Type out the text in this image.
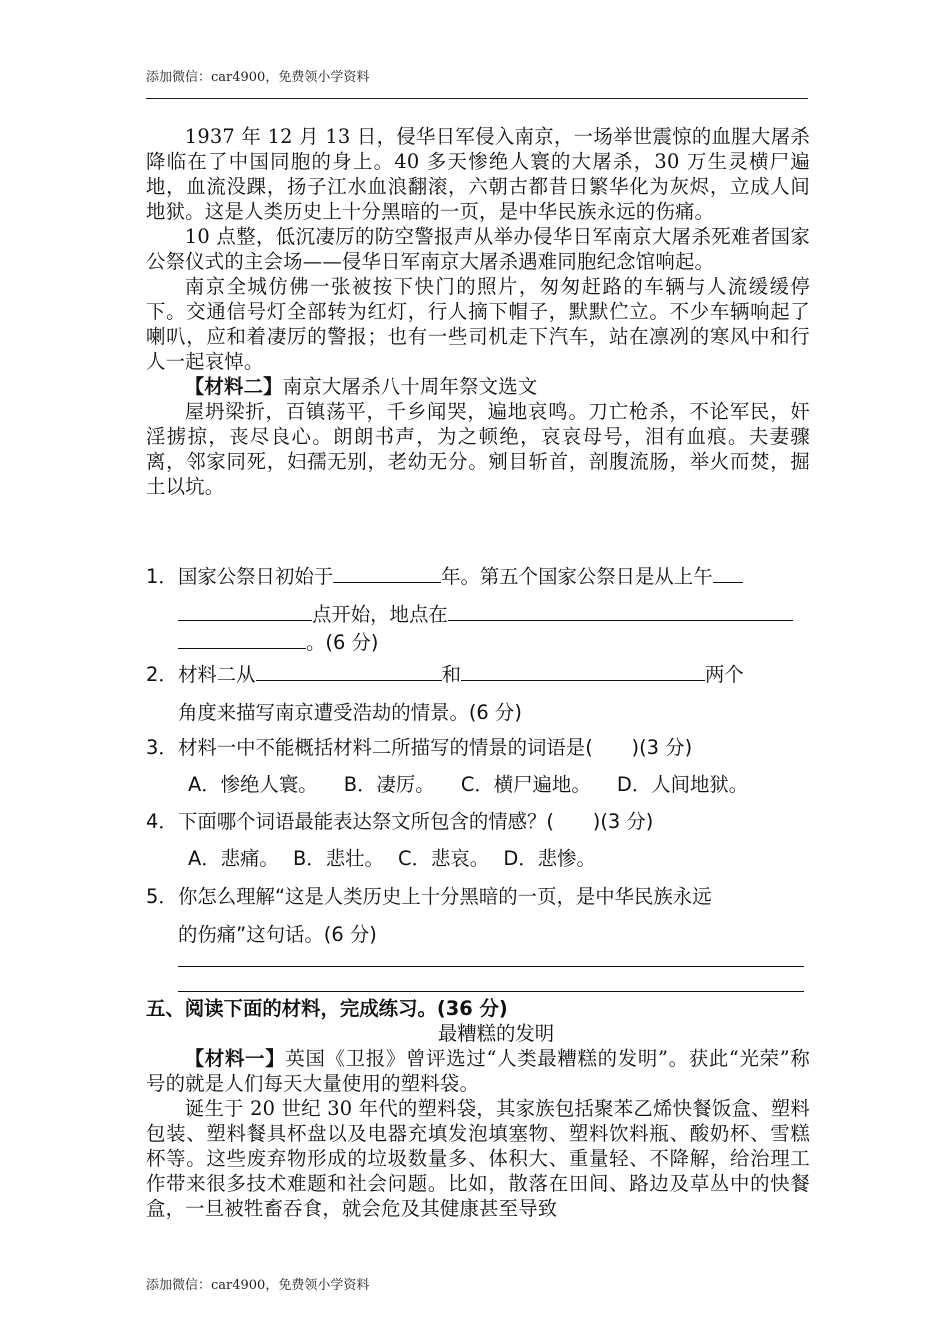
添加微信：car4900，免费领小学资料

1937 年 12 月 13 日，侵华日军侵入南京，一场举世震惊的血腥大屠杀降临在了中国同胞的身上。40 多天惨绝人寰的大屠杀，30 万生灵横尸遍地，血流没踝，扬子江水血浪翻滚，六朝古都昔日繁华化为灰烬，立成人间地狱。这是人类历史上十分黑暗的一页，是中华民族永远的伤痛。

10 点整，低沉凄厉的防空警报声从举办侵华日军南京大屠杀死难者国家公祭仪式的主会场——侵华日军南京大屠杀遇难同胞纪念馆响起。

南京全城仿佛一张被按下快门的照片，匆匆赶路的车辆与人流缓缓停下。交通信号灯全部转为红灯，行人摘下帽子，默默伫立。不少车辆响起了喇叭，应和着凄厉的警报；也有一些司机走下汽车，站在凛冽的寒风中和行人一起哀悼。

【材料二】南京大屠杀八十周年祭文选文

屋坍梁折，百镇荡平，千乡闻哭，遍地哀鸣。刀亡枪杀，不论军民，奸淫掳掠，丧尽良心。朗朗书声，为之顿绝，哀哀母号，泪有血痕。夫妻骤离，邻家同死，妇孺无别，老幼无分。剜目斩首，剖腹流肠，举火而焚，掘土以坑。

1．国家公祭日初始于	年。第五个国家公祭日是从上午
点开始，地点在
。(6 分)
2．材料二从	和	两个
角度来描写南京遭受浩劫的情景。(6 分)
3．材料一中不能概括材料二所描写的情景的词语是(　　)(3 分)
A．惨绝人寰。 B．凄厉。 C．横尸遍地。 D．人间地狱。
4．下面哪个词语最能表达祭文所包含的情感？(　　)(3 分)
A．悲痛。 B．悲壮。 C．悲哀。 D．悲惨。
5．你怎么理解“这是人类历史上十分黑暗的一页，是中华民族永远
的伤痛”这句话。(6 分)
五、阅读下面的材料，完成练习。(36 分)
最糟糕的发明

【材料一】英国《卫报》曾评选过“人类最糟糕的发明”。获此“光荣”称号的就是人们每天大量使用的塑料袋。

诞生于 20 世纪 30 年代的塑料袋，其家族包括聚苯乙烯快餐饭盒、塑料包装、塑料餐具杯盘以及电器充填发泡填塞物、塑料饮料瓶、酸奶杯、雪糕杯等。这些废弃物形成的垃圾数量多、体积大、重量轻、不降解，给治理工作带来很多技术难题和社会问题。比如，散落在田间、路边及草丛中的快餐盒，一旦被牲畜吞食，就会危及其健康甚至导致

添加微信：car4900，免费领小学资料
